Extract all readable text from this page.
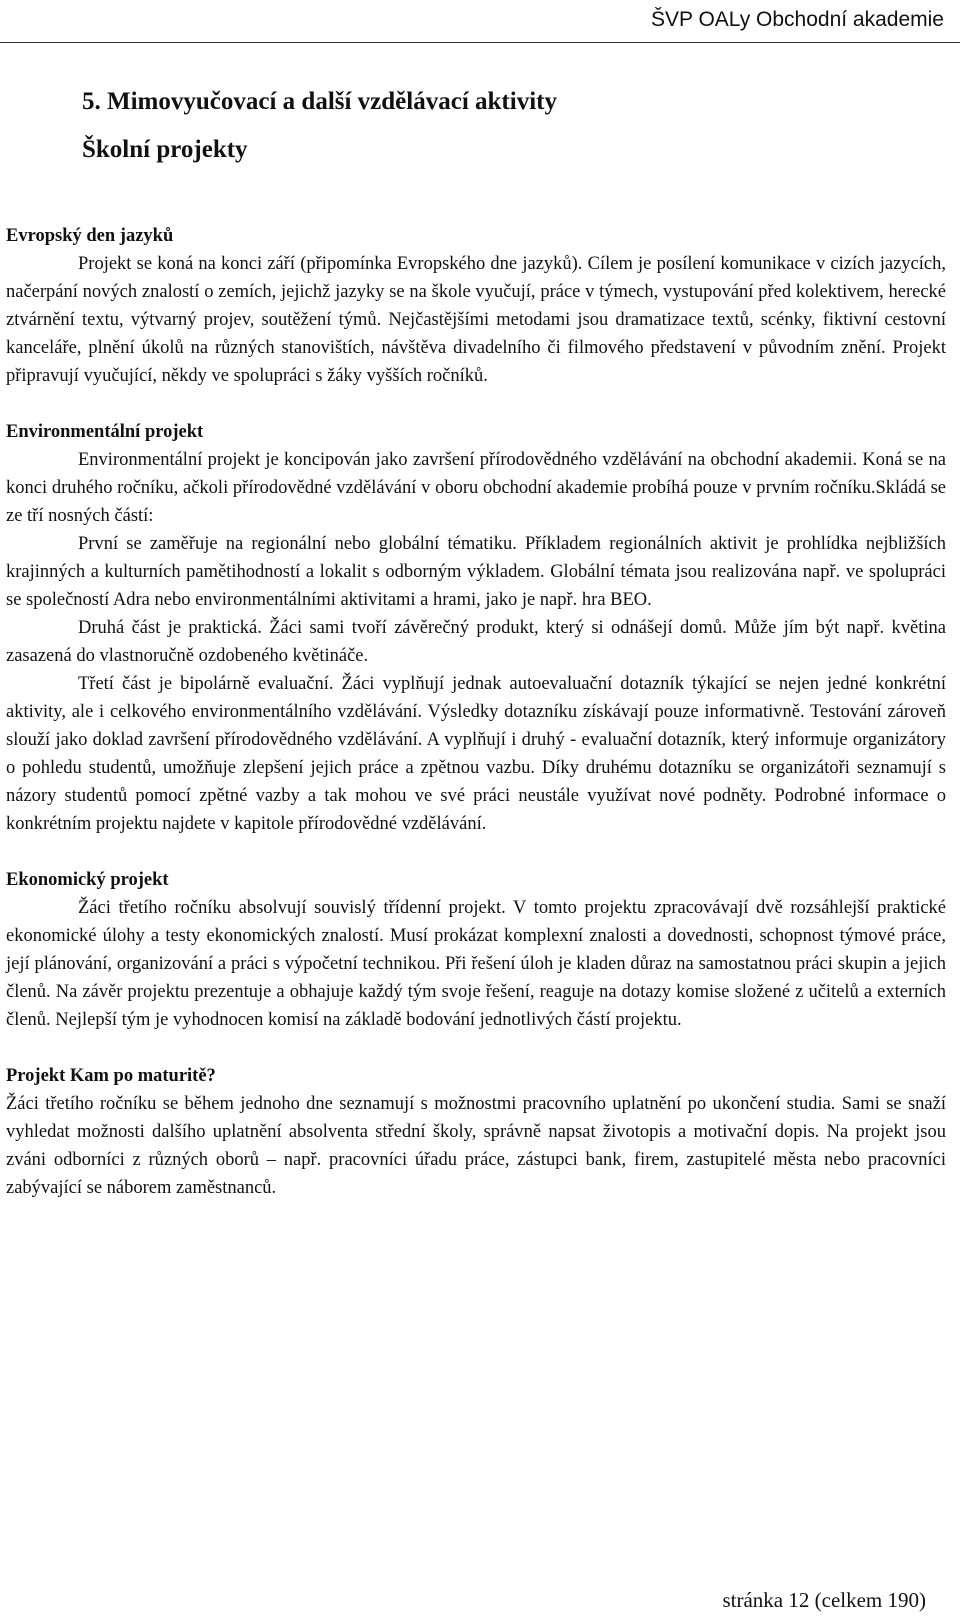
ŠVP OALy Obchodní akademie
5. Mimovyučovací a další vzdělávací aktivity
Školní projekty
Evropský den jazyků

Projekt se koná na konci září (připomínka Evropského dne jazyků). Cílem je posílení komunikace v cizích jazycích, načerpání nových znalostí o zemích, jejichž jazyky se na škole vyučují, práce v týmech, vystupování před kolektivem, herecké ztvárnění textu, výtvarný projev, soutěžení týmů. Nejčastějšími metodami jsou dramatizace textů, scénky, fiktivní cestovní kanceláře, plnění úkolů na různých stanovištích, návštěva divadelního či filmového představení v původním znění. Projekt připravují vyučující, někdy ve spolupráci s žáky vyšších ročníků.

Environmentální projekt

Environmentální projekt je koncipován jako završení přírodovědného vzdělávání na obchodní akademii. Koná se na konci druhého ročníku, ačkoli přírodovědné vzdělávání v oboru obchodní akademie probíhá pouze v prvním ročníku.Skládá se ze tří nosných částí:

První se zaměřuje na regionální nebo globální tématiku. Příkladem regionálních aktivit je prohlídka nejbližších krajinných a kulturních pamětihodností a lokalit s odborným výkladem. Globální témata jsou realizována např. ve spolupráci se společností Adra nebo environmentálními aktivitami a hrami, jako je např. hra BEO.

Druhá část je praktická. Žáci sami tvoří závěrečný produkt, který si odnášejí domů. Může jím být např. květina zasazená do vlastnoručně ozdobeného květináče.

Třetí část je bipolárně evaluační. Žáci vyplňují jednak autoevaluační dotazník týkající se nejen jedné konkrétní aktivity, ale i celkového environmentálního vzdělávání. Výsledky dotazníku získávají pouze informativně. Testování zároveň slouží jako doklad završení přírodovědného vzdělávání. A vyplňují i druhý - evaluační dotazník, který informuje organizátory o pohledu studentů, umožňuje zlepšení jejich práce a zpětnou vazbu. Díky druhému dotazníku se organizátoři seznamují s názory studentů pomocí zpětné vazby a tak mohou ve své práci neustále využívat nové podněty. Podrobné informace o konkrétním projektu najdete v kapitole přírodovědné vzdělávání.

Ekonomický projekt

Žáci třetího ročníku absolvují souvislý třídenní projekt. V tomto projektu zpracovávají dvě rozsáhlejší praktické ekonomické úlohy a testy ekonomických znalostí. Musí prokázat komplexní znalosti a dovednosti, schopnost týmové práce, její plánování, organizování a práci s výpočetní technikou. Při řešení úloh je kladen důraz na samostatnou práci skupin a jejich členů. Na závěr projektu prezentuje a obhajuje každý tým svoje řešení, reaguje na dotazy komise složené z učitelů a externích členů. Nejlepší tým je vyhodnocen komisí na základě bodování jednotlivých částí projektu.

Projekt Kam po maturitě?

Žáci třetího ročníku se během jednoho dne seznamují s možnostmi pracovního uplatnění po ukončení studia. Sami se snaží vyhledat možnosti dalšího uplatnění absolventa střední školy, správně napsat životopis a motivační dopis. Na projekt jsou zváni odborníci z různých oborů – např. pracovníci úřadu práce, zástupci bank, firem, zastupitelé města nebo pracovníci zabývající se náborem zaměstnanců.

stránka 12 (celkem 190)
